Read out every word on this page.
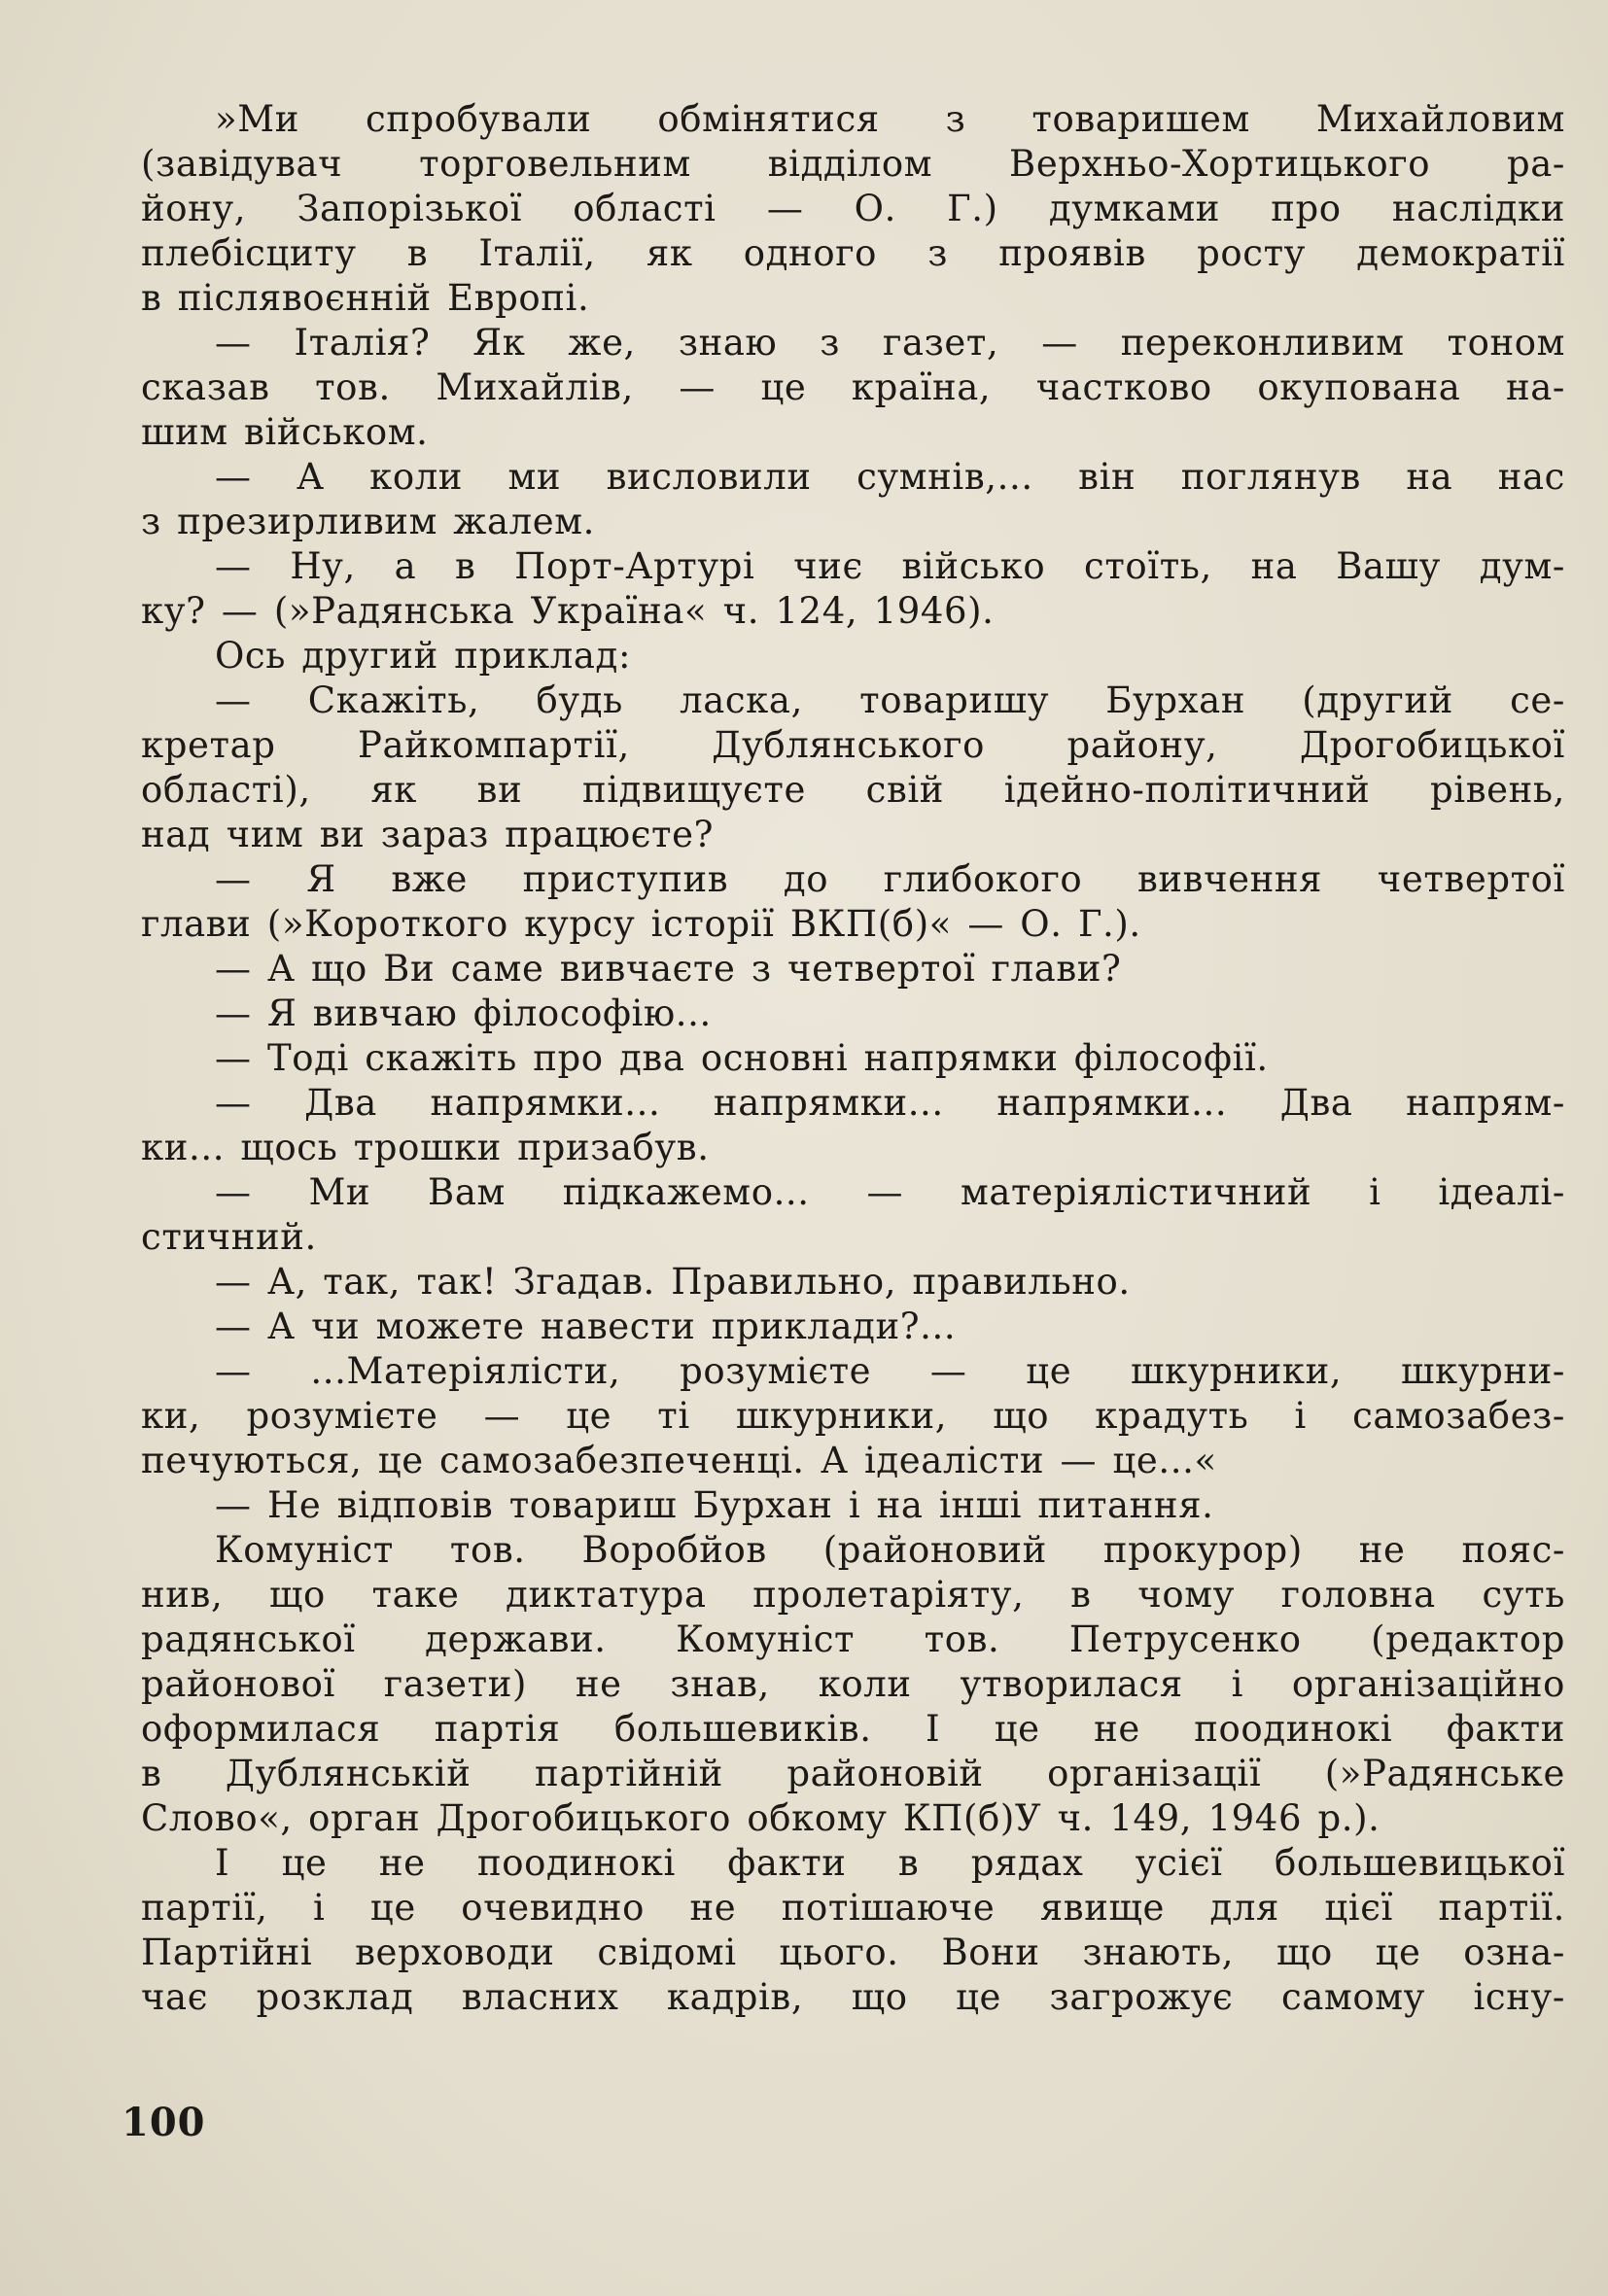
»Ми спробували обмінятися з товаришем Михайловим
(завідувач торговельним відділом Верхньо-Хортицького ра-
йону, Запорізької області — О. Г.) думками про наслідки
плебісциту в Італії, як одного з проявів росту демократії
в післявоєнній Европі.
— Італія? Як же, знаю з газет, — переконливим тоном
сказав тов. Михайлів, — це країна, частково окупована на-
шим військом.
— А коли ми висловили сумнів,... він поглянув на нас
з презирливим жалем.
— Ну, а в Порт-Артурі чиє військо стоїть, на Вашу дум-
ку? — (»Радянська Україна« ч. 124, 1946).
Ось другий приклад:
— Скажіть, будь ласка, товаришу Бурхан (другий се-
кретар Райкомпартії, Дублянського району, Дрогобицької
області), як ви підвищуєте свій ідейно-політичний рівень,
над чим ви зараз працюєте?
— Я вже приступив до глибокого вивчення четвертої
глави (»Короткого курсу історії ВКП(б)« — О. Г.).
— А що Ви саме вивчаєте з четвертої глави?
— Я вивчаю філософію...
— Тоді скажіть про два основні напрямки філософії.
— Два напрямки... напрямки... напрямки... Два напрям-
ки... щось трошки призабув.
— Ми Вам підкажемо... — матеріялістичний і ідеалі-
стичний.
— А, так, так! Згадав. Правильно, правильно.
— А чи можете навести приклади?...
— ...Матеріялісти, розумієте — це шкурники, шкурни-
ки, розумієте — це ті шкурники, що крадуть і самозабез-
печуються, це самозабезпеченці. А ідеалісти — це...«
— Не відповів товариш Бурхан і на інші питання.
Комуніст тов. Воробйов (районовий прокурор) не пояс-
нив, що таке диктатура пролетаріяту, в чому головна суть
радянської держави. Комуніст тов. Петрусенко (редактор
районової газети) не знав, коли утворилася і організаційно
оформилася партія большевиків. І це не поодинокі факти
в Дублянській партійній районовій організації (»Радянське
Слово«, орган Дрогобицького обкому КП(б)У ч. 149, 1946 р.).
І це не поодинокі факти в рядах усієї большевицької
партії, і це очевидно не потішаюче явище для цієї партії.
Партійні верховоди свідомі цього. Вони знають, що це озна-
чає розклад власних кадрів, що це загрожує самому існу-
100
